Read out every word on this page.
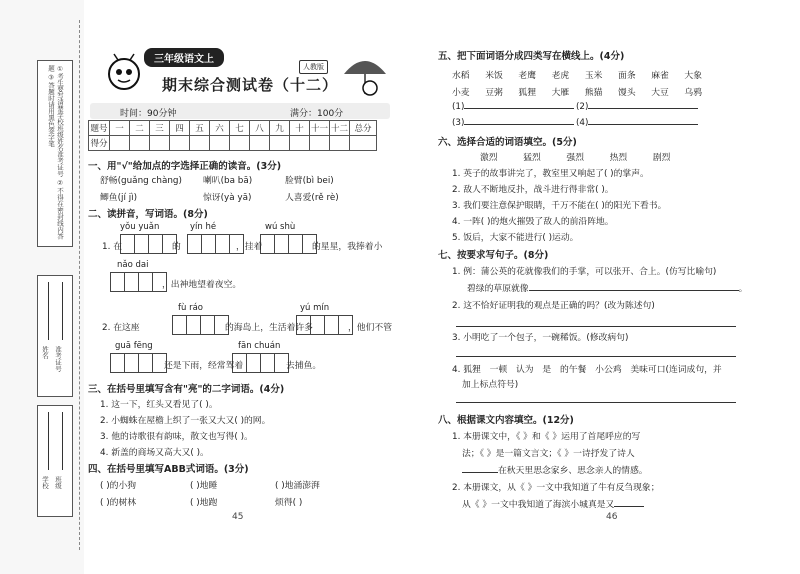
①考生要写清楚学校班级姓名准考证号 ②不得在密封线内答题 ③答题时请用黑色签字笔
姓名 准考证号
学校 班级
三年级语文上
人教版
期末综合测试卷（十二）
时间：90分钟	满分：100分
题号	一	二	三	四	五	六	七	八	九	十	十一	十二	总分
得分													
一、用"√"给加点的字选择正确的读音。(3分)
舒畅(guǎng chàng) 喇叭(ba bā)	脸臂(bì bei)
鲫鱼(jí jì)	惊讶(yà yā)	人喜爱(rě rè)
二、读拼音，写词语。(8分)
yǒu yuǎn	yín hé	wú shù
1. 在	的	，挂着	的星星，我捧着小
nǎo dai
，出神地望着夜空。
fù ráo	yú mín
2. 在这座	的海岛上，生活着许多	，他们不管
guā fēng	fān chuán
还是下雨，经常驾着	去捕鱼。
三、在括号里填写含有"亮"的二字词语。(4分)
1. 这一下，红头又看见了( )。
2. 小蜘蛛在屋檐上织了一张又大又( )的网。
3. 他的诗歌很有韵味，散文也写得( )。
4. 新盖的商场又高大又( )。
四、在括号里填写ABB式词语。(3分)
( )的小狗	( )地睡	( )地涌澎湃
( )的树林	( )地跑	烦得( )
45
五、把下面词语分成四类写在横线上。(4分)
水稻　 米饭　 老鹰　 老虎　 玉米　 面条　 麻雀　 大象
小麦　 豆粥　 狐狸　 大雁　 熊猫　 馒头　 大豆　 乌鸦
(1)	(2)
(3)	(4)
六、选择合适的词语填空。(5分)
激烈　	猛烈　	强烈　	热烈　	剧烈
1. 英子的故事讲完了，教室里又响起了( )的掌声。
2. 敌人不断地反扑，战斗进行得非常( )。
3. 我们要注意保护眼睛，千万不能在( )的阳光下看书。
4. 一阵( )的炮火摧毁了敌人的前沿阵地。
5. 饭后，大家不能进行( )运动。
七、按要求写句子。(8分)
1. 例：蒲公英的花就像我们的手掌，可以张开、合上。(仿写比喻句)
碧绿的草原就像	。
2. 这不恰好证明我的观点是正确的吗？(改为陈述句)
3. 小明吃了一个包子，一碗稀饭。(修改病句)
4. 狐狸　一顿　认为　是　的午餐　小公鸡　美味可口(连词成句，并
加上标点符号)
八、根据课文内容填空。(12分)
1. 本册课文中，《 》和《 》运用了首尾呼应的写
法；《 》是一篇文言文；《 》一诗抒发了诗人
在秋天里思念家乡、思念亲人的情感。
2. 本册课文，从《 》一文中我知道了牛有反刍现象；
从《 》一文中我知道了海滨小城真是又
46
